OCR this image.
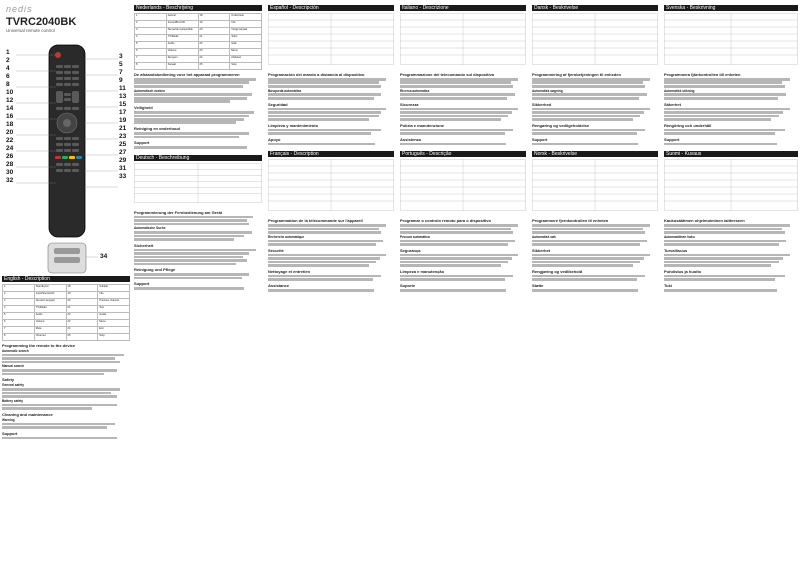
nedis
TVRC2040BK
Universal remote control
1
2
4
6
8
10
12
14
16
18
20
22
24
26
28
30
32
3
5
7
9
11
13
15
17
19
21
23
25
27
29
31
33
34
English - Description
1	Standby/on	18	Subtitle
2	Input/Source/AV	19	Info
3	Numeric keypad	20	Previous channel
4	TV/Radio	21	Text
5	Audio	22	Guide
6	Volume	23	Menu
7	Mute	24	Exit
8	Channel	25	Stop
Programming the remote to the device
Automatic search
Manual search
Safety
General safety
Battery safety
Cleaning and maintenance
Warning
Support
Nederlands - Beschrijving
1	Aan/uit	18	Ondertitels
2	Invoer/Bron/AV	19	Info
3	Numeriek toetsenblok	20	Vorige kanaal
4	TV/Radio	21	Tekst
5	Audio	22	Gids
6	Volume	23	Menu
7	Dempen	24	Afsluiten
8	Kanaal	25	Stop
De afstandsbediening voor het apparaat programmeren
Automatisch zoeken
Veiligheid
Reiniging en onderhoud
Support
Deutsch - Beschreibung
Programmierung der Fernbedienung am Gerät
Automatische Suche
Sicherheit
Reinigung und Pflege
Support
Español - Descripción
Programación del mando a distancia al dispositivo
Búsqueda automática
Seguridad
Limpieza y mantenimiento
Apoyo
Français - Description
Programmation de la télécommande sur l'appareil
Recherche automatique
Sécurité
Nettoyage et entretien
Assistance
Italiano - Descrizione
Programmazione del telecomando sul dispositivo
Ricerca automatica
Sicurezza
Pulizia e manutenzione
Assistenza
Português - Descrição
Programar o controlo remoto para o dispositivo
Procura automática
Segurança
Limpeza e manutenção
Suporte
Dansk - Beskrivelse
Programmering af fjernbetjeningen til enheden
Automatisk søgning
Sikkerhed
Rengøring og vedligeholdelse
Support
Norsk - Beskrivelse
Programmere fjernkontrollen til enheten
Automatisk søk
Sikkerhet
Rengjøring og vedlikehold
Støtte
Svenska - Beskrivning
Programmera fjärrkontrollen till enheten
Automatisk sökning
Säkerhet
Rengöring och underhåll
Support
Suomi - Kuvaus
Kaukosäätimen ohjelmoiminen laitteeseen
Automaattinen haku
Turvallisuus
Puhdistus ja huolto
Tuki
